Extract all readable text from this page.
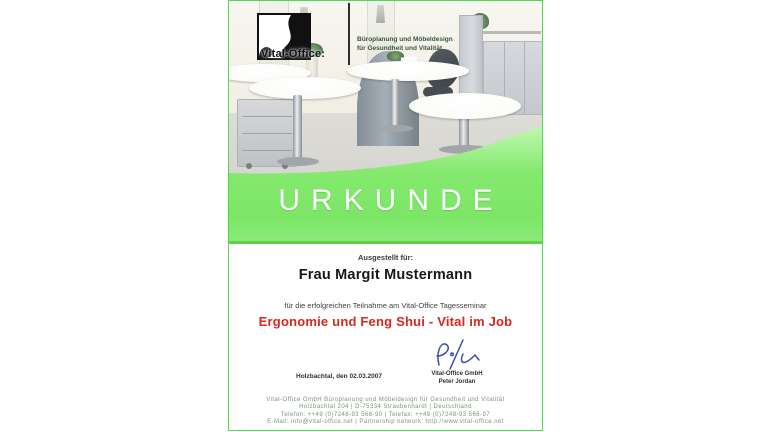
URKUNDE
Vital-Office:
Büroplanung und Möbeldesign
für Gesundheit und Vitalität
Ausgestellt für:
Frau Margit Mustermann
für die erfolgreichen Teilnahme am Vital-Office Tagesseminar
Ergonomie und Feng Shui - Vital im Job
Holzbachtal, den 02.03.2007	Vital-Office GmbH
Peter Jordan
Vital-Office GmbH Büroplanung und Möbeldesign für Gesundheit und Vitalität
Holzbachtal 204 | D-75334 Straubenhardt | Deutschland
Telefon: ++49 (0)7248-93 566-90 | Telefax: ++49 (0)7248-93 566-97
E-Mail: info@vital-office.net | Partnership network: http://www.vital-office.net
